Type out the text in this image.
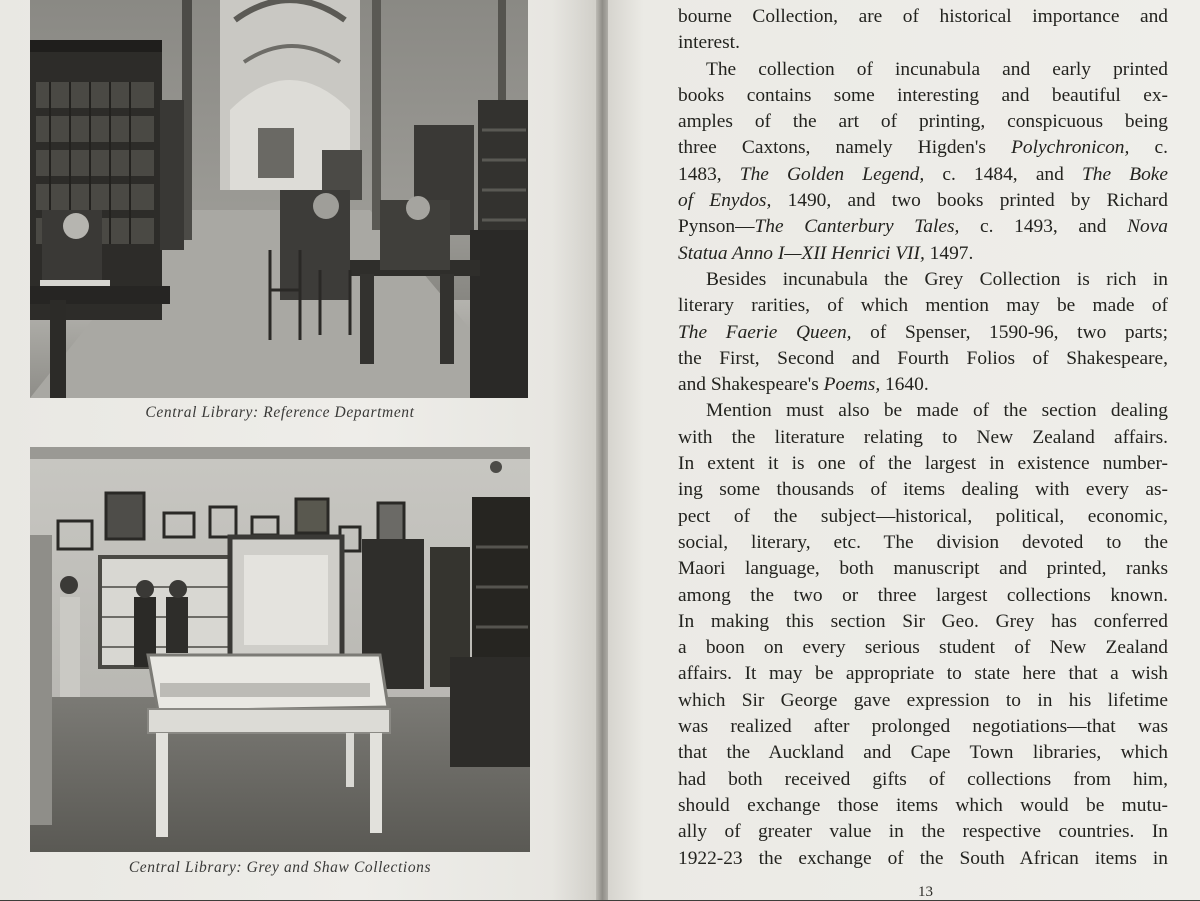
Central Library: Reference Department
Central Library: Grey and Shaw Collections
bourne Collection, are of historical importance and
interest.
The collection of incunabula and early printed
books contains some interesting and beautiful ex-
amples of the art of printing, conspicuous being
three Caxtons, namely Higden's Polychronicon, c.
1483, The Golden Legend, c. 1484, and The Boke
of Enydos, 1490, and two books printed by Richard
Pynson—The Canterbury Tales, c. 1493, and Nova
Statua Anno I—XII Henrici VII, 1497.
Besides incunabula the Grey Collection is rich in
literary rarities, of which mention may be made of
The Faerie Queen, of Spenser, 1590-96, two parts;
the First, Second and Fourth Folios of Shakespeare,
and Shakespeare's Poems, 1640.
Mention must also be made of the section dealing
with the literature relating to New Zealand affairs.
In extent it is one of the largest in existence number-
ing some thousands of items dealing with every as-
pect of the subject—historical, political, economic,
social, literary, etc. The division devoted to the
Maori language, both manuscript and printed, ranks
among the two or three largest collections known.
In making this section Sir Geo. Grey has conferred
a boon on every serious student of New Zealand
affairs. It may be appropriate to state here that a wish
which Sir George gave expression to in his lifetime
was realized after prolonged negotiations—that was
that the Auckland and Cape Town libraries, which
had both received gifts of collections from him,
should exchange those items which would be mutu-
ally of greater value in the respective countries. In
1922-23 the exchange of the South African items in
13
